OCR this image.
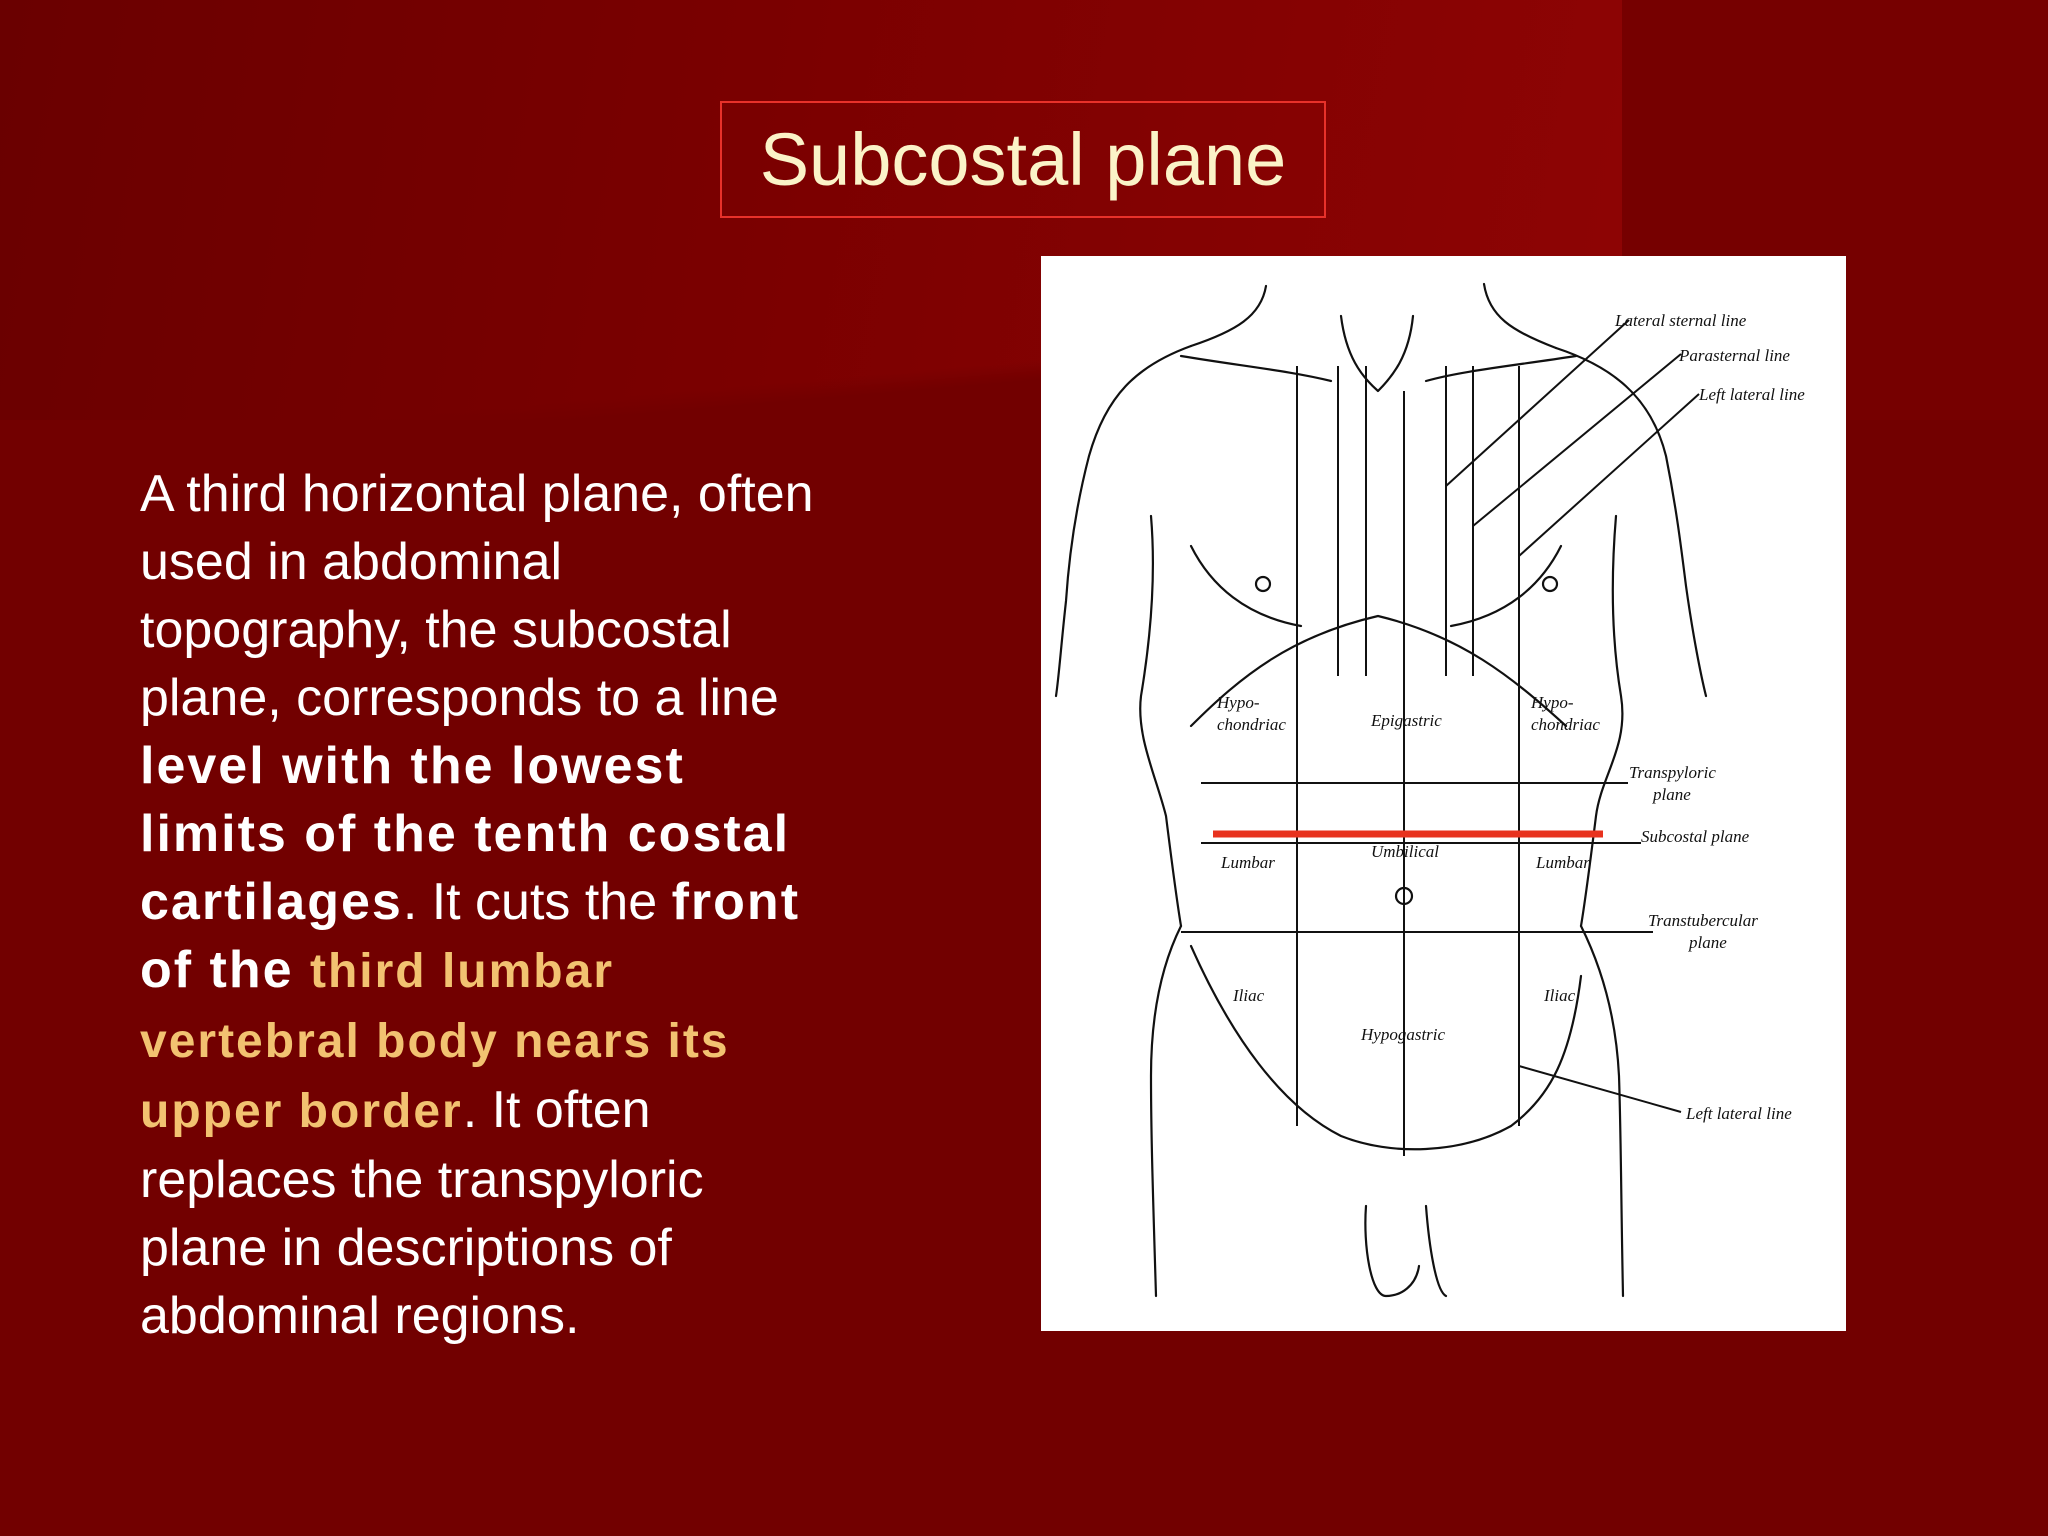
Subcostal plane
A third horizontal plane, often used in abdominal topography, the subcostal plane, corresponds to a line level with the lowest limits of the tenth costal cartilages. It cuts the front of the third lumbar vertebral body nears its upper border. It often replaces the transpyloric plane in descriptions of abdominal regions.
Lateral sternal line
Parasternal line
Left lateral line
Hypo-
chondriac	Epigastric
Hypo-
chondriac
Transpyloric
plane
Subcostal plane
Lumbar
Umbilical
Lumbar
Transtubercular
plane
Iliac	Iliac
Hypogastric
Left lateral line
